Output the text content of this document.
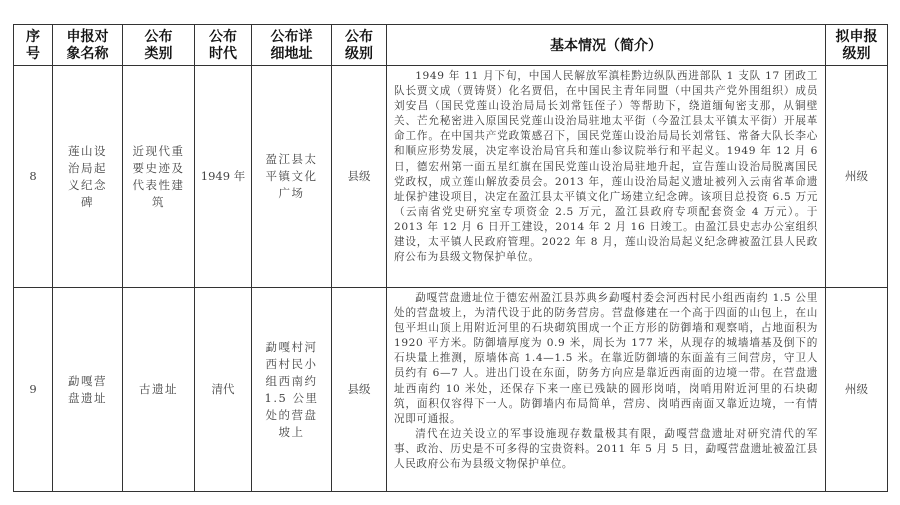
序号	申报对象名称	公布类别	公布时代	公布详细地址	公布级别	基本情况（简介）	拟申报级别
8	莲山设治局起义纪念碑	近现代重要史迹及代表性建筑	1949 年	盈江县太平镇文化广场	县级	1949 年 11 月下旬，中国人民解放军滇桂黔边纵队西进部队 1 支队 17 团政工队长贾文成（贾铸贤）化名贾侣，在中国民主青年同盟（中国共产党外围组织）成员刘安昌（国民党莲山设治局局长刘常钰侄子）等帮助下，绕道缅甸密支那，从铜壁关、芒允秘密进入原国民党莲山设治局驻地太平街（今盈江县太平镇太平街）开展革命工作。在中国共产党政策感召下，国民党莲山设治局局长刘常钰、常备大队长李心和顺应形势发展，决定率设治局官兵和莲山参议院举行和平起义。1949 年 12 月 6 日，德宏州第一面五星红旗在国民党莲山设治局驻地升起，宣告莲山设治局脱离国民党政权，成立莲山解放委员会。2013 年，莲山设治局起义遗址被列入云南省革命遗址保护建设项目，决定在盈江县太平镇文化广场建立纪念碑。该项目总投资 6.5 万元（云南省党史研究室专项资金 2.5 万元，盈江县政府专项配套资金 4 万元）。于 2013 年 12 月 6 日开工建设，2014 年 2 月 16 日竣工。由盈江县史志办公室组织建设，太平镇人民政府管理。2022 年 8 月，莲山设治局起义纪念碑被盈江县人民政府公布为县级文物保护单位。	州级
9	勐嘎营盘遗址	古遗址	清代	勐嘎村河西村民小组西南约 1.5 公里处的营盘坡上	县级	勐嘎营盘遗址位于德宏州盈江县苏典乡勐嘎村委会河西村民小组西南约 1.5 公里处的营盘坡上，为清代设于此的防务营房。营盘修建在一个高于四面的山包上，在山包平坦山顶上用附近河里的石块砌筑围成一个正方形的防御墙和观察哨，占地面积为 1920 平方米。防御墙厚度为 0.9 米，周长为 177 米，从现存的城墙墙基及倒下的石块量上推测，原墙体高 1.4—1.5 米。在靠近防御墙的东面盖有三间营房，守卫人员约有 6—7 人。进出门设在东面，防务方向应是靠近西南面的边境一带。在营盘遗址西南约 10 米处，还保存下来一座已残缺的圆形岗哨，岗哨用附近河里的石块砌筑，面积仅容得下一人。防御墙内布局简单，营房、岗哨西南面又靠近边境，一有情况即可通报。

清代在边关设立的军事设施现存数量极其有限，勐嘎营盘遗址对研究清代的军事、政治、历史是不可多得的宝贵资料。2011 年 5 月 5 日，勐嘎营盘遗址被盈江县人民政府公布为县级文物保护单位。	州级
